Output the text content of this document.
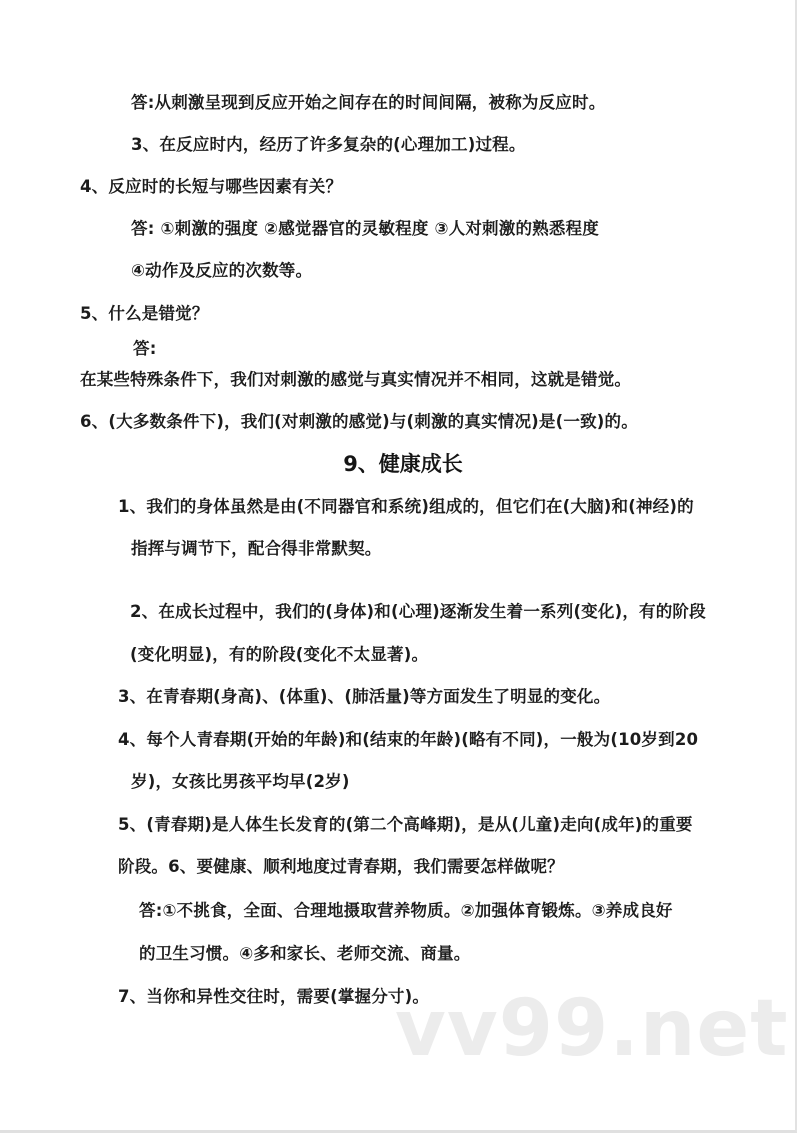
答:从刺激呈现到反应开始之间存在的时间间隔，被称为反应时。
3、在反应时内，经历了许多复杂的(心理加工)过程。
4、反应时的长短与哪些因素有关？
答: ①刺激的强度 ②感觉器官的灵敏程度 ③人对刺激的熟悉程度
④动作及反应的次数等。
5、什么是错觉？
答:
在某些特殊条件下，我们对刺激的感觉与真实情况并不相同，这就是错觉。
6、(大多数条件下)，我们(对刺激的感觉)与(刺激的真实情况)是(一致)的。
9、健康成长
1、我们的身体虽然是由(不同器官和系统)组成的，但它们在(大脑)和(神经)的
指挥与调节下，配合得非常默契。
2、在成长过程中，我们的(身体)和(心理)逐渐发生着一系列(变化)，有的阶段
(变化明显)，有的阶段(变化不太显著)。
3、在青春期(身高)、(体重)、(肺活量)等方面发生了明显的变化。
4、每个人青春期(开始的年龄)和(结束的年龄)(略有不同)，一般为(10岁到20
岁)，女孩比男孩平均早(2岁)
5、(青春期)是人体生长发育的(第二个高峰期)，是从(儿童)走向(成年)的重要
阶段。6、要健康、顺利地度过青春期，我们需要怎样做呢？
答:①不挑食，全面、合理地摄取营养物质。②加强体育锻炼。③养成良好
的卫生习惯。④多和家长、老师交流、商量。
7、当你和异性交往时，需要(掌握分寸)。
vv99.net
